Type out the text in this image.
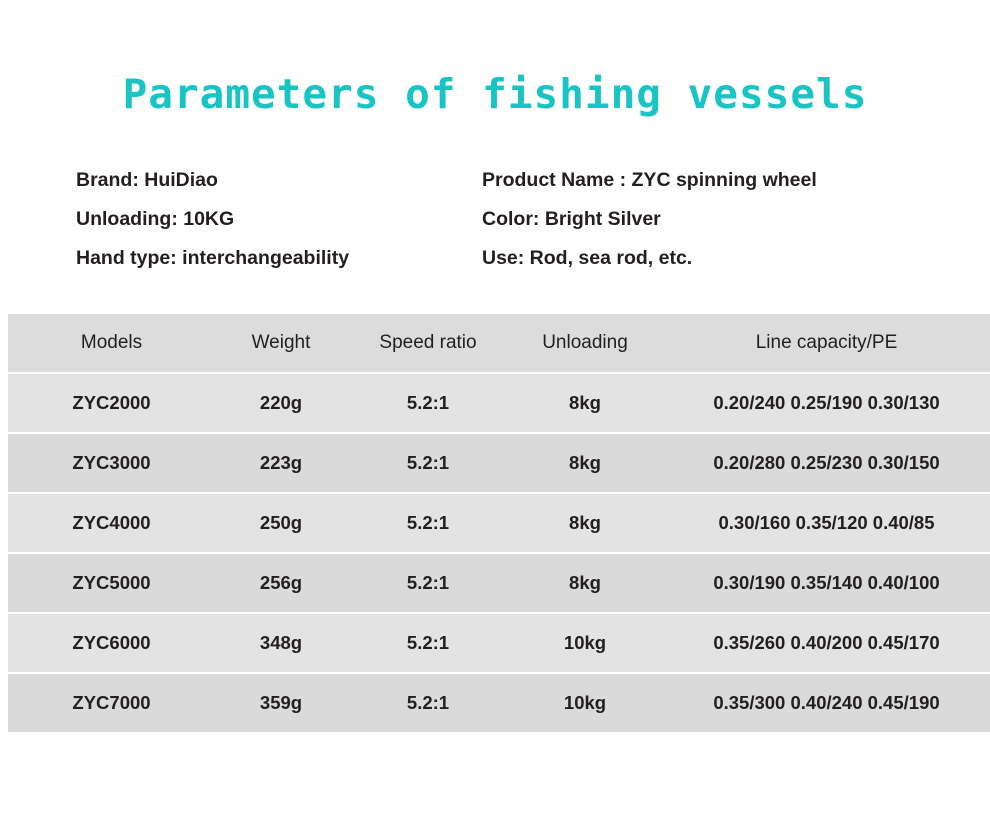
Parameters of fishing vessels
Brand: HuiDiao	Product Name : ZYC spinning wheel
Unloading: 10KG	Color: Bright Silver
Hand type: interchangeability	Use: Rod, sea rod, etc.
Models	Weight	Speed ratio	Unloading	Line capacity/PE
ZYC2000	220g	5.2:1	8kg	0.20/240 0.25/190 0.30/130
ZYC3000	223g	5.2:1	8kg	0.20/280 0.25/230 0.30/150
ZYC4000	250g	5.2:1	8kg	0.30/160 0.35/120 0.40/85
ZYC5000	256g	5.2:1	8kg	0.30/190 0.35/140 0.40/100
ZYC6000	348g	5.2:1	10kg	0.35/260 0.40/200 0.45/170
ZYC7000	359g	5.2:1	10kg	0.35/300 0.40/240 0.45/190
